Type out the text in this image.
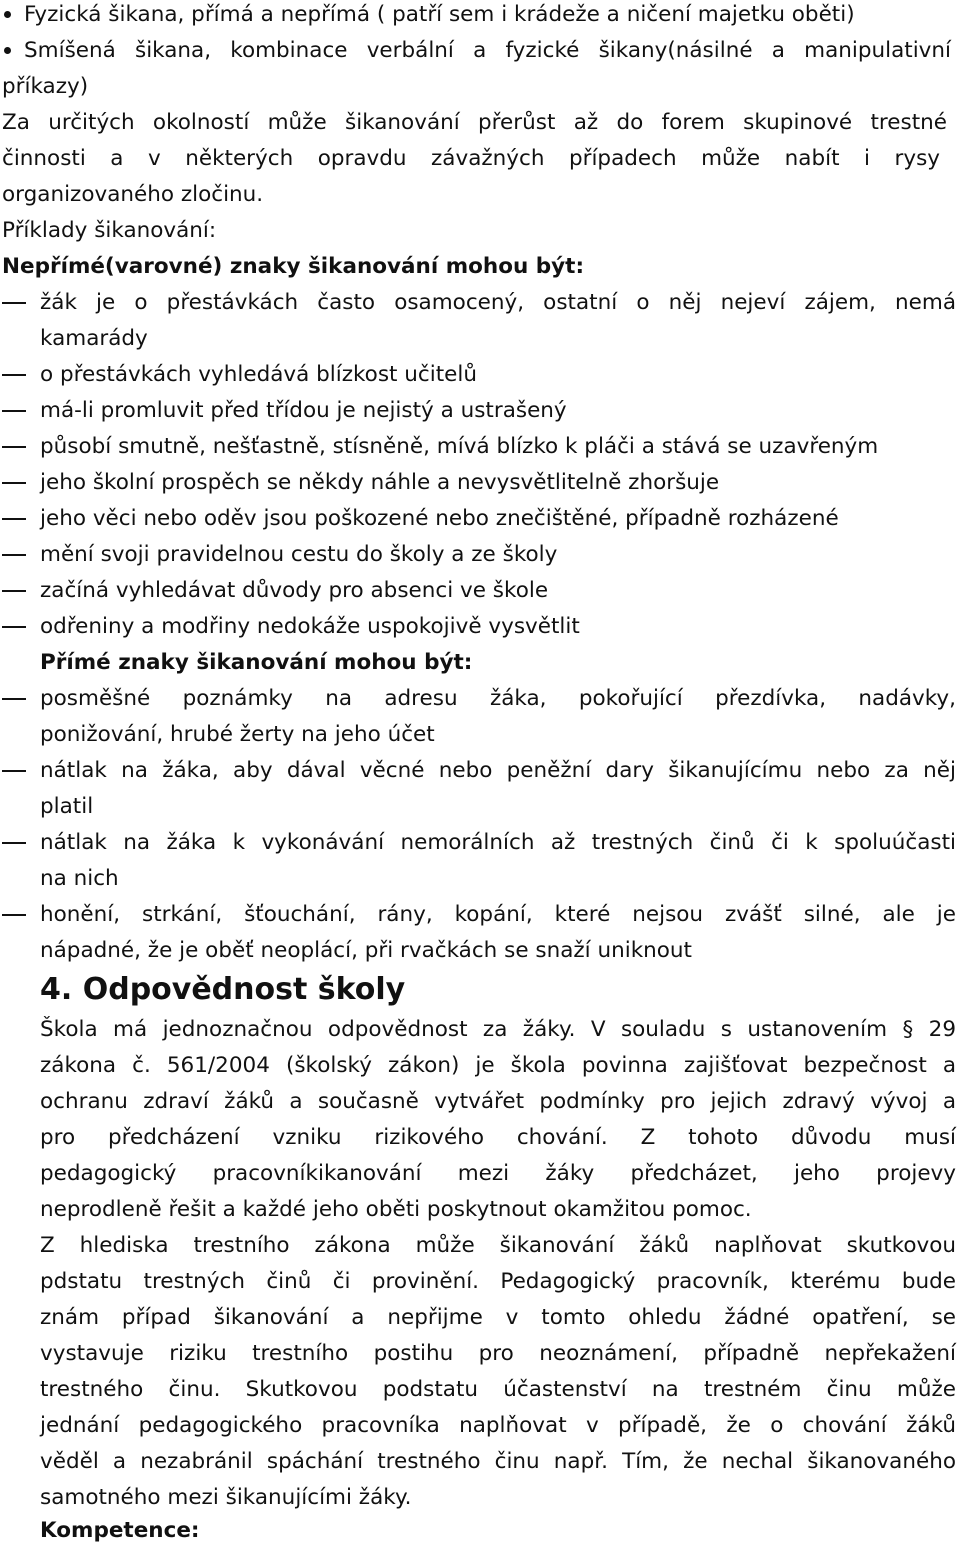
Fyzická šikana, přímá a nepřímá ( patří sem i krádeže a ničení majetku oběti)
Smíšená šikana, kombinace verbální a fyzické šikany(násilné a manipulativní
příkazy)
Za určitých okolností může šikanování přerůst až do forem skupinové trestné
činnosti a v některých opravdu závažných případech může nabít i rysy
organizovaného zločinu.
Příklady šikanování:
Nepřímé(varovné) znaky šikanování mohou být:
žák je o přestávkách často osamocený, ostatní o něj nejeví zájem, nemá
kamarády
o přestávkách vyhledává blízkost učitelů
má-li promluvit před třídou je nejistý a ustrašený
působí smutně, nešťastně, stísněně, mívá blízko k pláči a stává se uzavřeným
jeho školní prospěch se někdy náhle a nevysvětlitelně zhoršuje
jeho věci nebo oděv jsou poškozené nebo znečištěné, případně rozházené
mění svoji pravidelnou cestu do školy a ze školy
začíná vyhledávat důvody pro absenci ve škole
odřeniny a modřiny nedokáže uspokojivě vysvětlit
Přímé znaky šikanování mohou být:
posměšné poznámky na adresu žáka, pokořující přezdívka, nadávky,
ponižování, hrubé žerty na jeho účet
nátlak na žáka, aby dával věcné nebo peněžní dary šikanujícímu nebo za něj
platil
nátlak na žáka k vykonávání nemorálních až trestných činů či k spoluúčasti
na nich
honění, strkání, šťouchání, rány, kopání, které nejsou zvášť silné, ale je
nápadné, že je oběť neoplácí, při rvačkách se snaží uniknout
4. Odpovědnost školy
Škola má jednoznačnou odpovědnost za žáky. V souladu s ustanovením § 29
zákona č. 561/2004 (školský zákon) je škola povinna zajišťovat bezpečnost a
ochranu zdraví žáků a současně vytvářet podmínky pro jejich zdravý vývoj a
pro předcházení vzniku rizikového chování. Z tohoto důvodu musí
pedagogický pracovníkikanování mezi žáky předcházet, jeho projevy
neprodleně řešit a každé jeho oběti poskytnout okamžitou pomoc.
Z hlediska trestního zákona může šikanování žáků naplňovat skutkovou
pdstatu trestných činů či provinění. Pedagogický pracovník, kterému bude
znám případ šikanování a nepřijme v tomto ohledu žádné opatření, se
vystavuje riziku trestního postihu pro neoznámení, případně nepřekažení
trestného činu. Skutkovou podstatu účastenství na trestném činu může
jednání pedagogického pracovníka naplňovat v případě, že o chování žáků
věděl a nezabránil spáchání trestného činu např. Tím, že nechal šikanovaného
samotného mezi šikanujícími žáky.
Kompetence:
